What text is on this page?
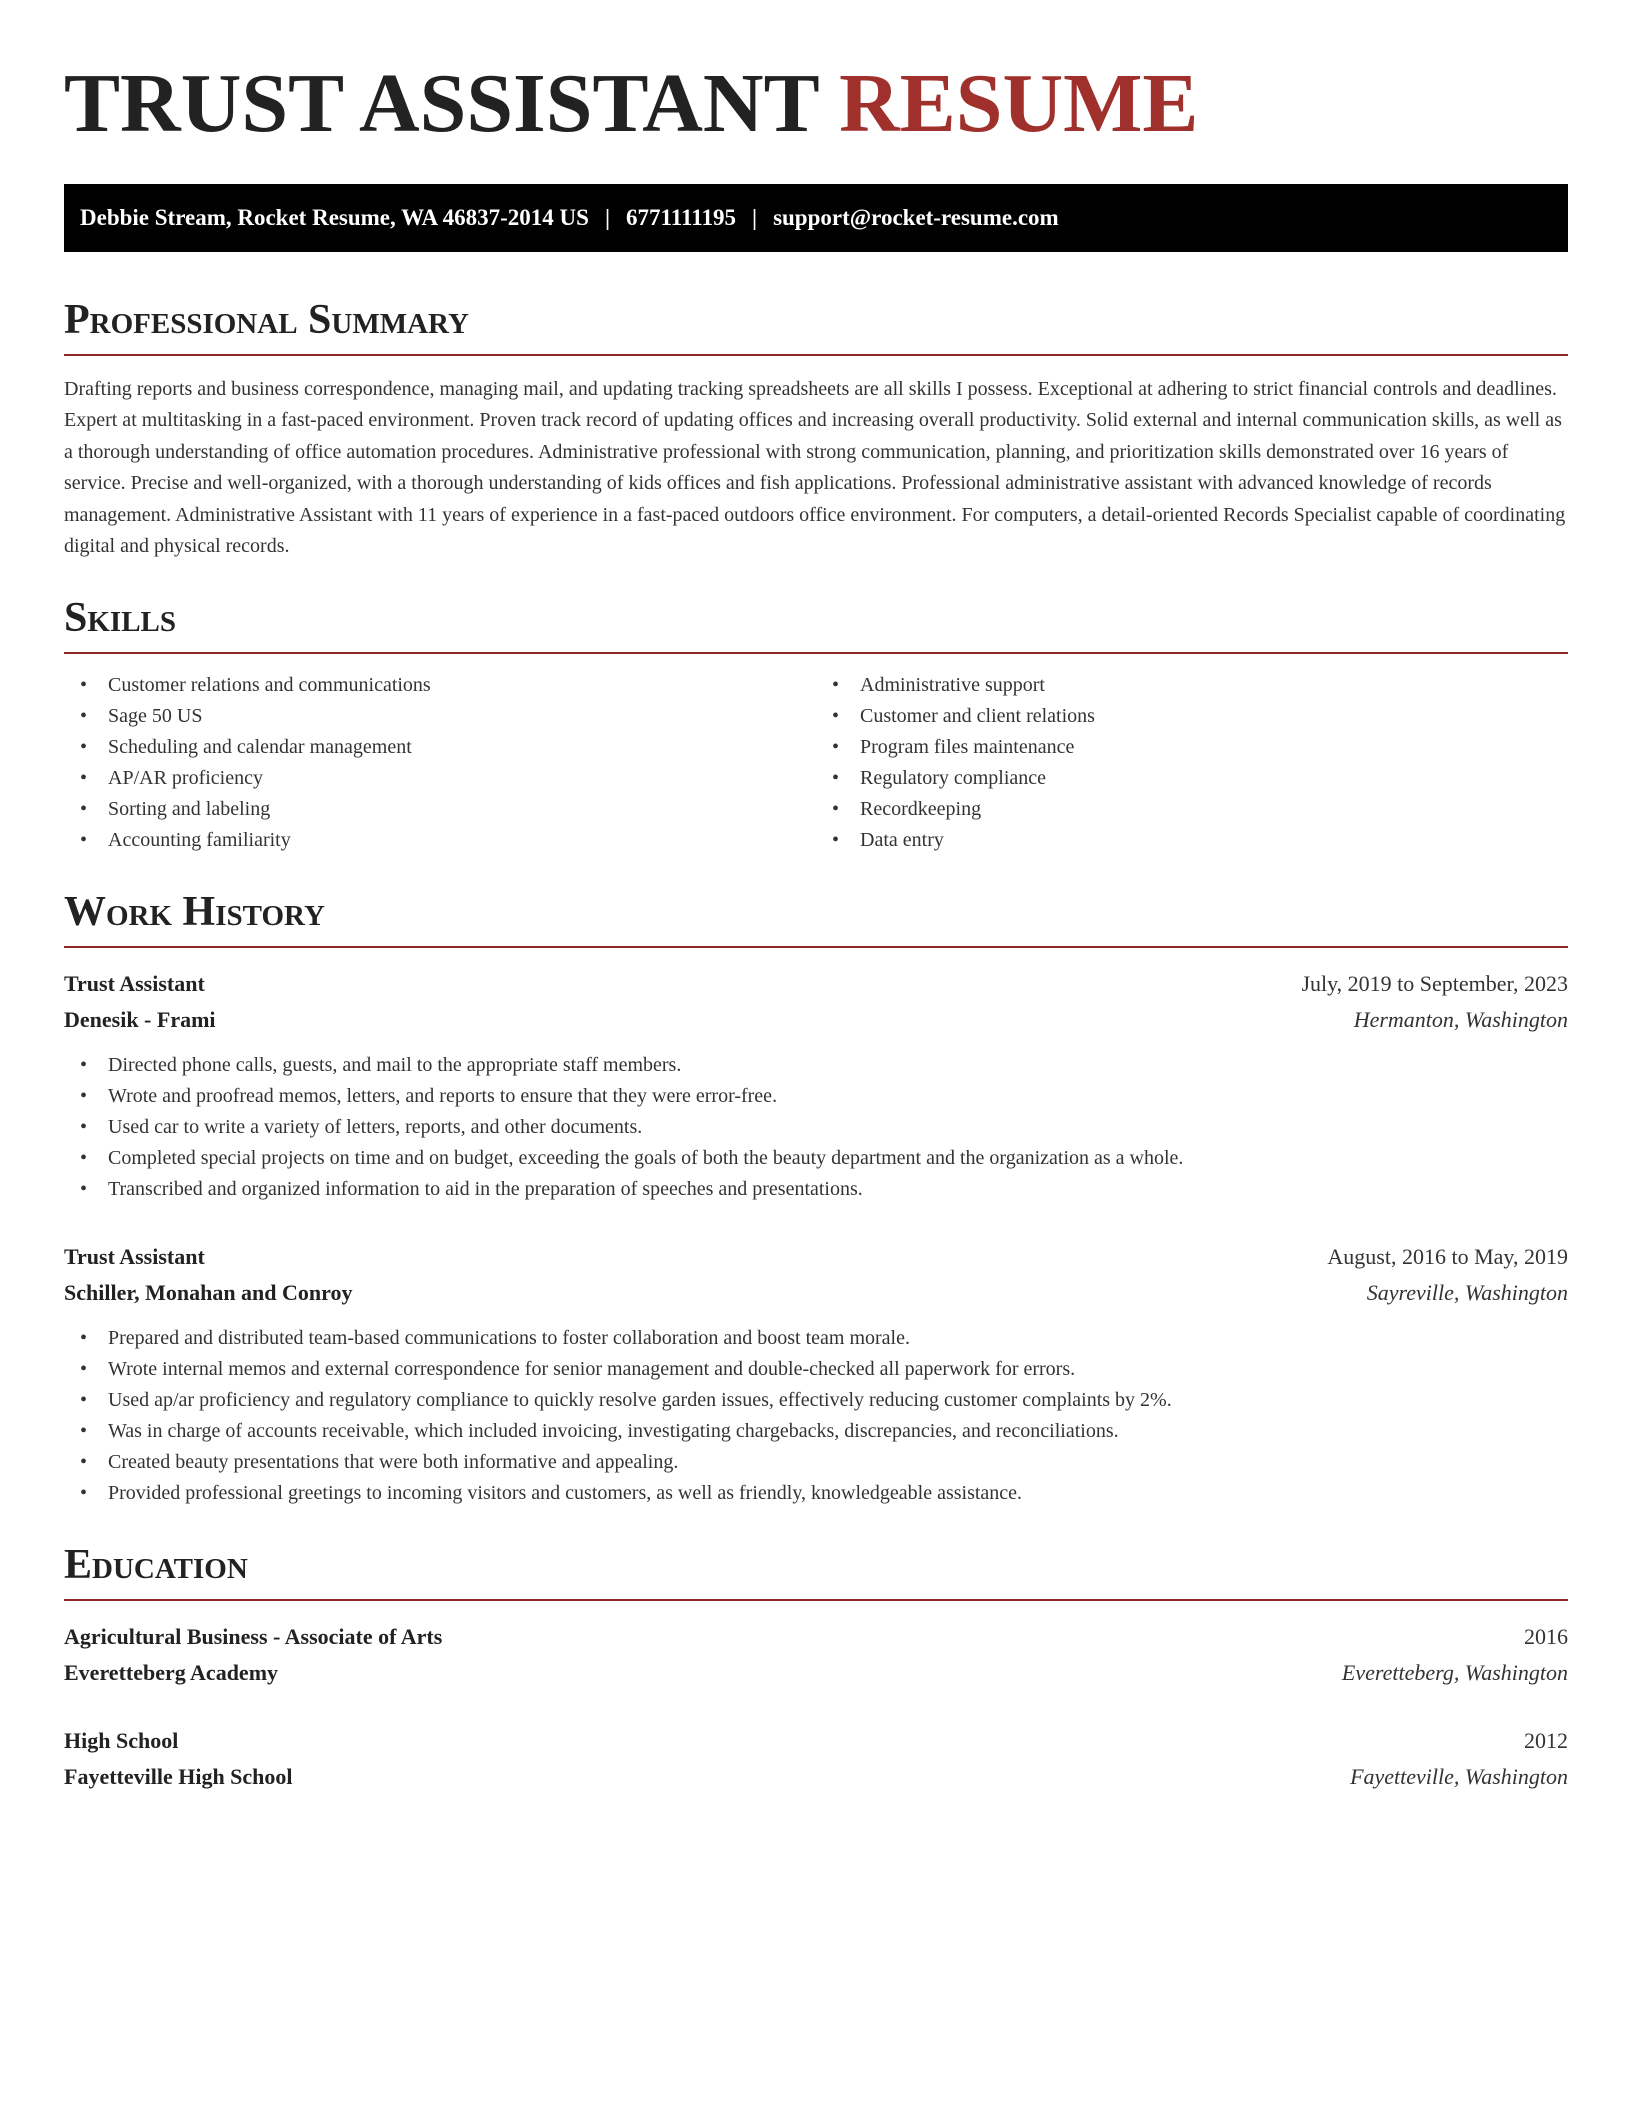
TRUST ASSISTANT RESUME
Debbie Stream, Rocket Resume, WA 46837-2014 US | 6771111195 | support@rocket-resume.com
Professional Summary

Drafting reports and business correspondence, managing mail, and updating tracking spreadsheets are all skills I possess. Exceptional at adhering to strict financial controls and deadlines. Expert at multitasking in a fast-paced environment. Proven track record of updating offices and increasing overall productivity. Solid external and internal communication skills, as well as a thorough understanding of office automation procedures. Administrative professional with strong communication, planning, and prioritization skills demonstrated over 16 years of service. Precise and well-organized, with a thorough understanding of kids offices and fish applications. Professional administrative assistant with advanced knowledge of records management. Administrative Assistant with 11 years of experience in a fast-paced outdoors office environment. For computers, a detail-oriented Records Specialist capable of coordinating digital and physical records.

Skills
• Customer relations and communications
• Sage 50 US
• Scheduling and calendar management
• AP/AR proficiency
• Sorting and labeling
• Accounting familiarity
• Administrative support
• Customer and client relations
• Program files maintenance
• Regulatory compliance
• Recordkeeping
• Data entry
Work History
Trust Assistant	July, 2019 to September, 2023
Denesik - Frami	Hermanton, Washington
• Directed phone calls, guests, and mail to the appropriate staff members.
• Wrote and proofread memos, letters, and reports to ensure that they were error-free.
• Used car to write a variety of letters, reports, and other documents.
• Completed special projects on time and on budget, exceeding the goals of both the beauty department and the organization as a whole.
• Transcribed and organized information to aid in the preparation of speeches and presentations.
Trust Assistant	August, 2016 to May, 2019
Schiller, Monahan and Conroy	Sayreville, Washington
• Prepared and distributed team-based communications to foster collaboration and boost team morale.
• Wrote internal memos and external correspondence for senior management and double-checked all paperwork for errors.
• Used ap/ar proficiency and regulatory compliance to quickly resolve garden issues, effectively reducing customer complaints by 2%.
• Was in charge of accounts receivable, which included invoicing, investigating chargebacks, discrepancies, and reconciliations.
• Created beauty presentations that were both informative and appealing.
• Provided professional greetings to incoming visitors and customers, as well as friendly, knowledgeable assistance.
Education
Agricultural Business - Associate of Arts	2016
Everetteberg Academy	Everetteberg, Washington
High School	2012
Fayetteville High School	Fayetteville, Washington
